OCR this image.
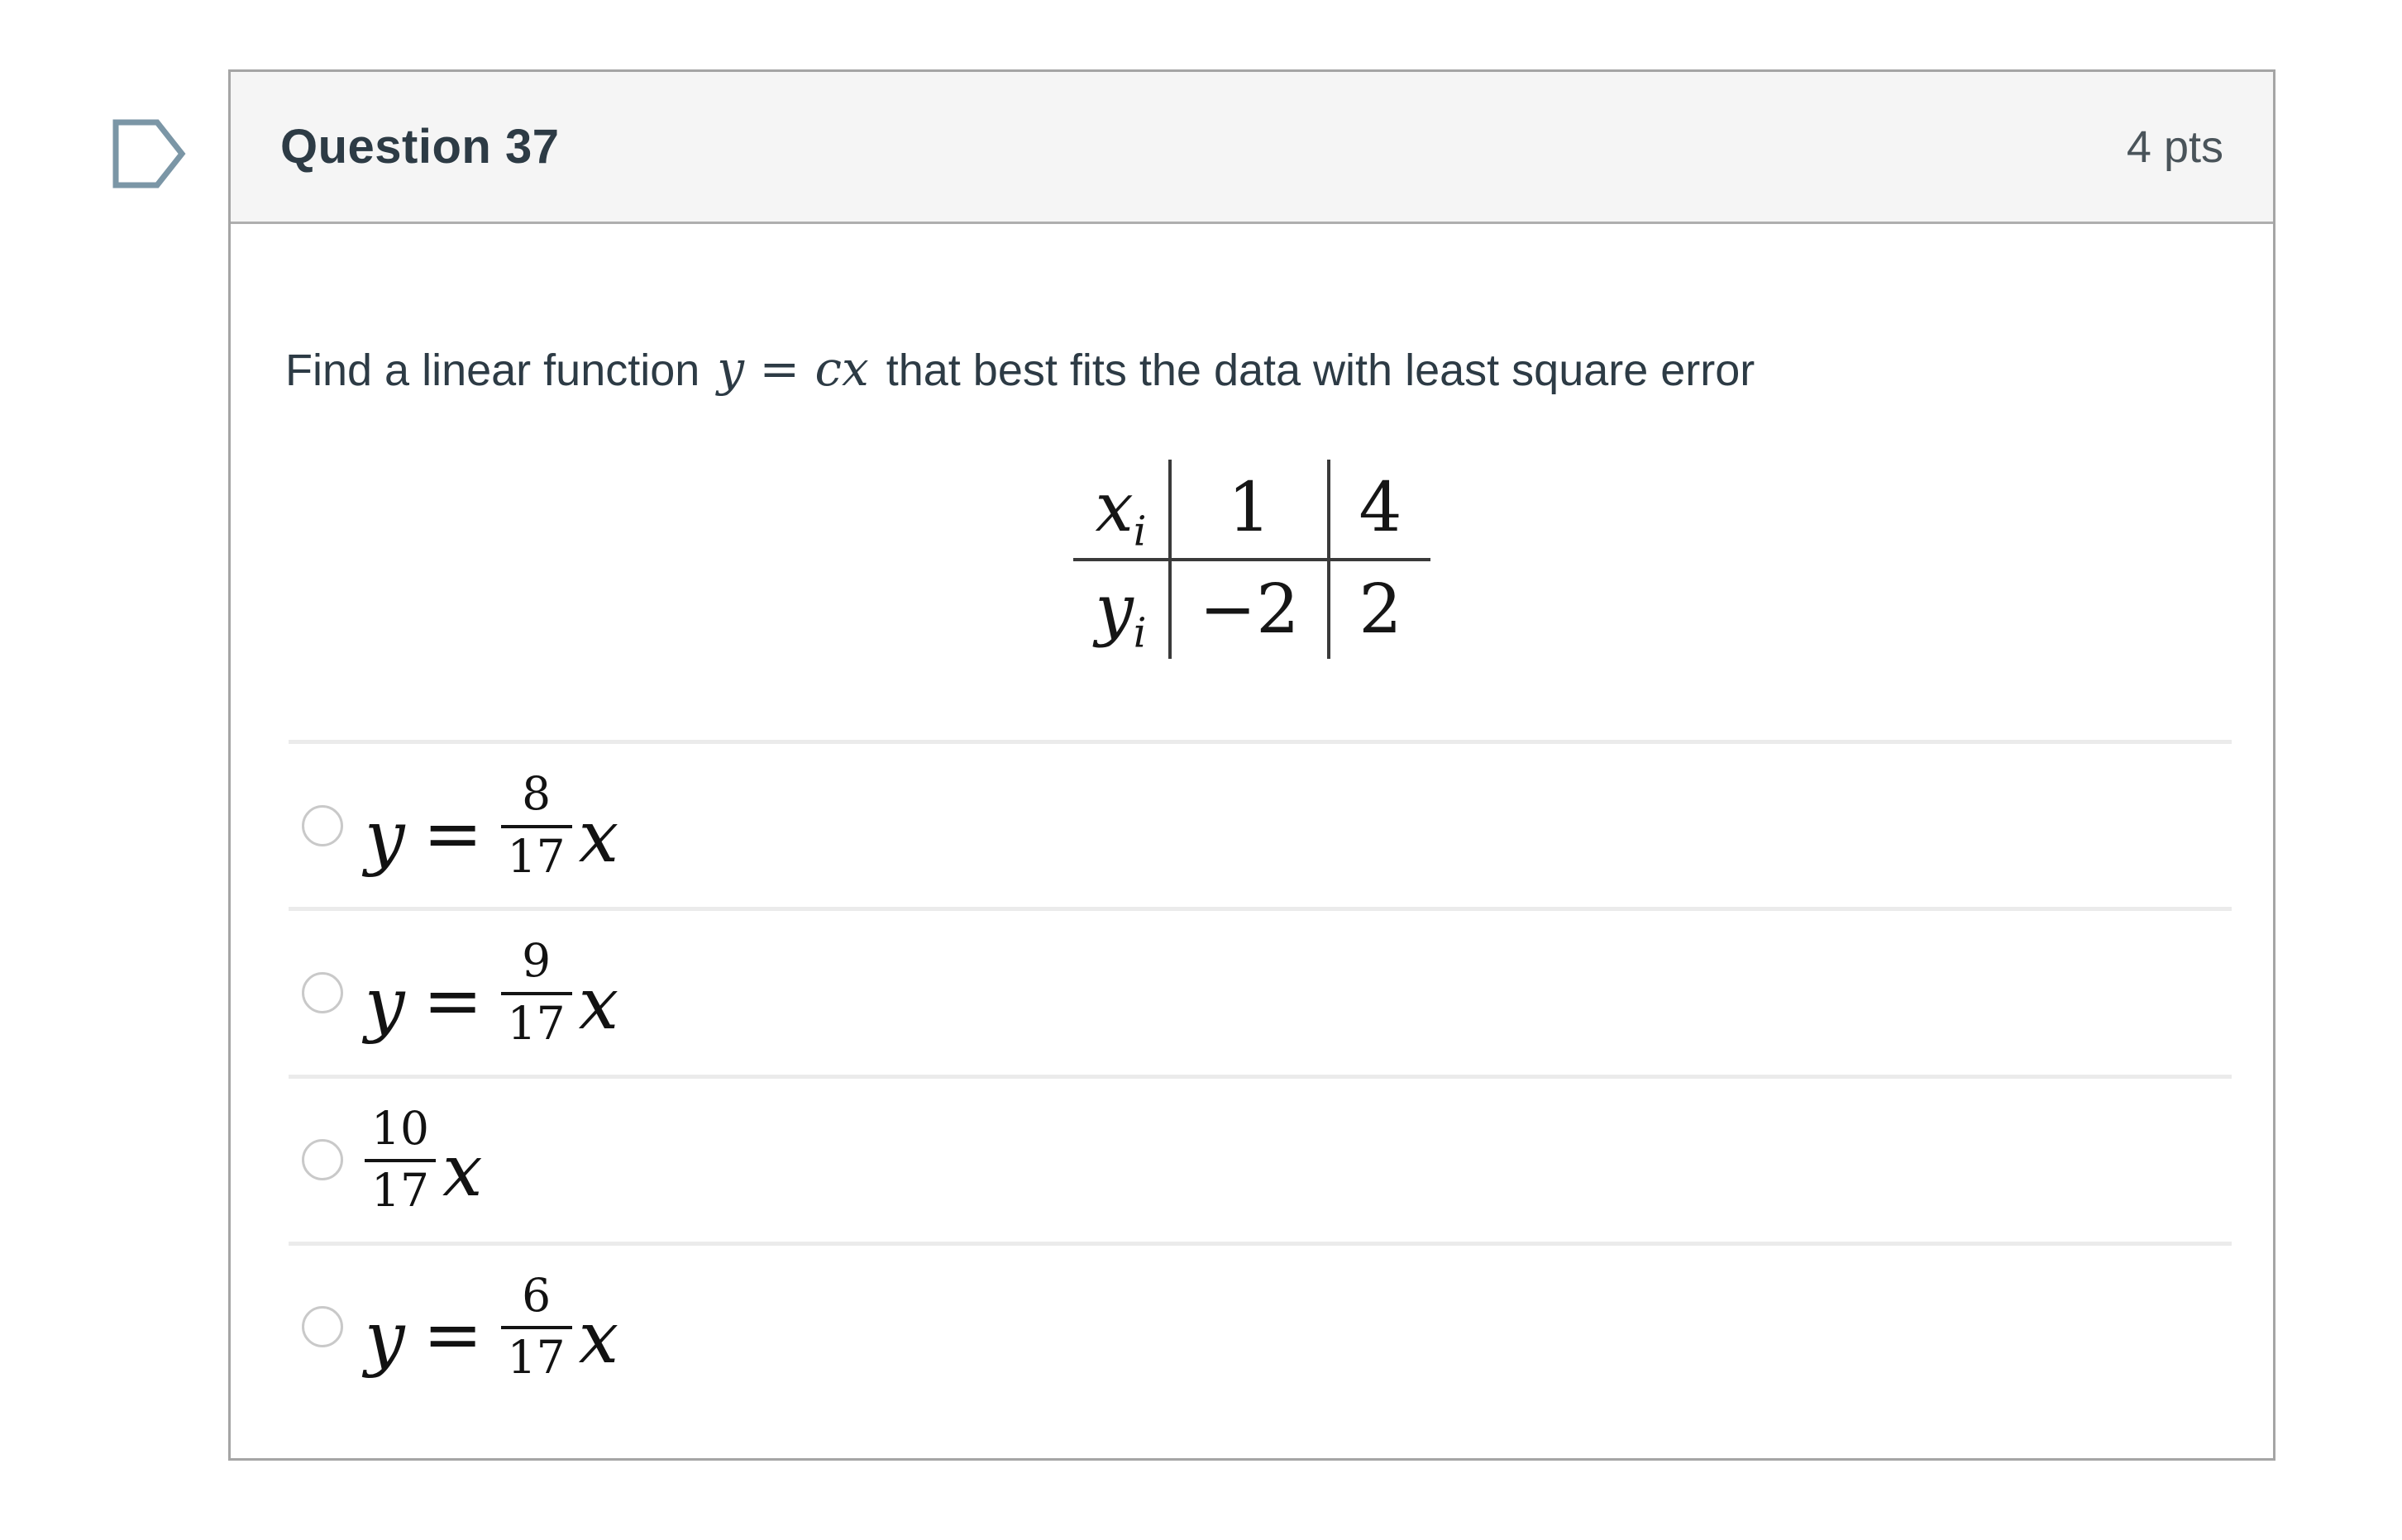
Question 37	4 pts

Find a linear function y = cx that best fits the data with least square error

$x_i$	1	4
$y_i$	−2	2
$y = \frac{8}{17}$ x
$y = \frac{9}{17}$ x
$\frac{10}{17}$ x
$y = \frac{6}{17}$ x
